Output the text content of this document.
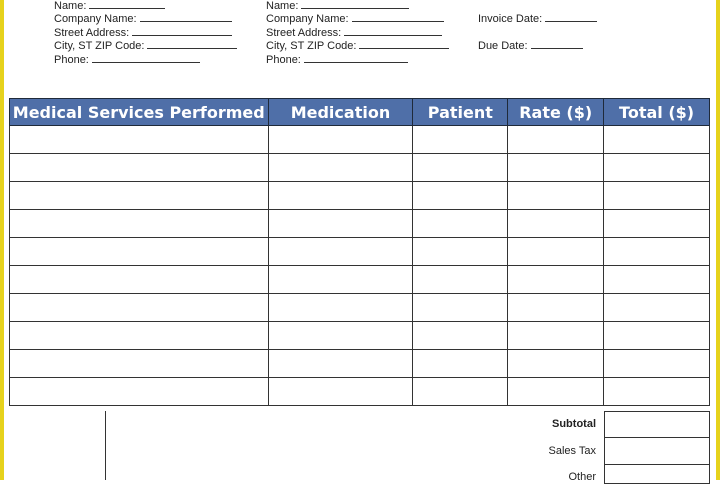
Name:
Company Name:
Street Address:
City, ST ZIP Code:
Phone:
Name:
Company Name:
Street Address:
City, ST ZIP Code:
Phone:
Invoice Date:
Due Date:
Medical Services Performed	Medication	Patient	Rate ($)	Total ($)

Subtotal
Sales Tax
Other
